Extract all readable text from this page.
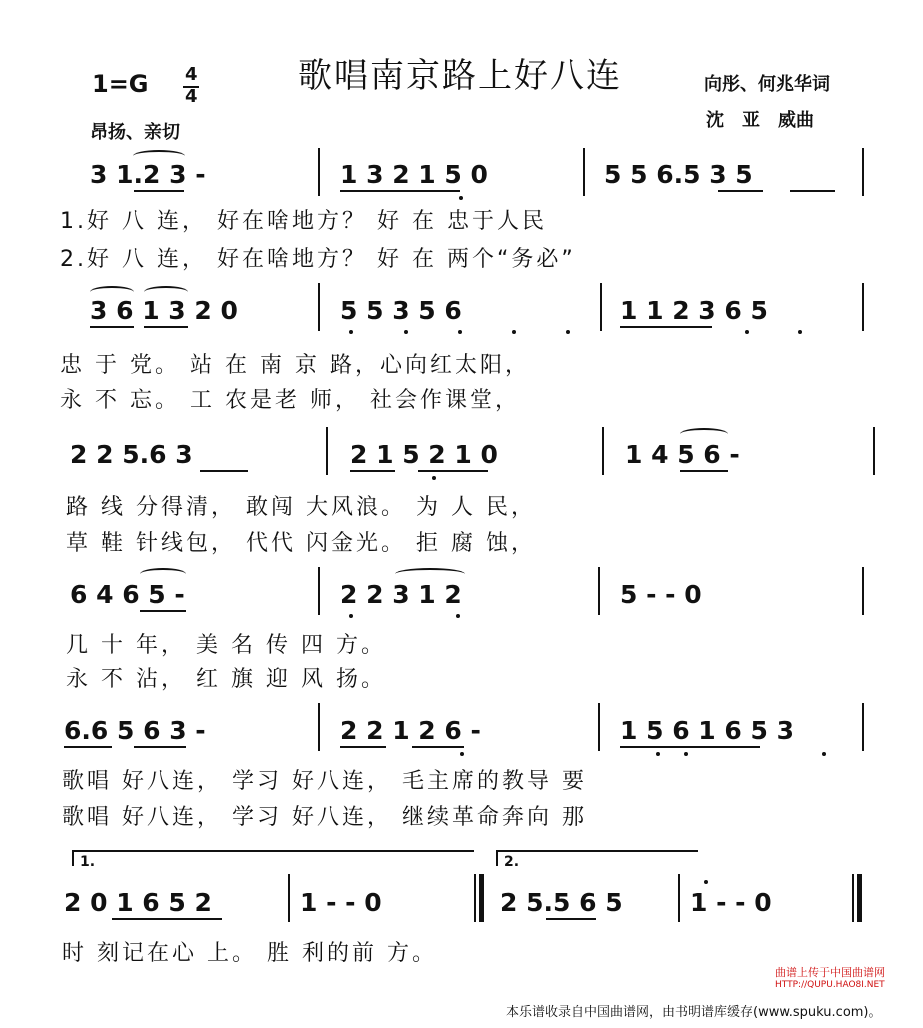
歌唱南京路上好八连
1=G 4
4
昂扬、亲切
向彤、何兆华词
沈　亚　威曲
3 1.2 3 -	1 3 2 1 5 0	5 5 6.5 3 5
1.好 八 连， 好在啥地方？ 好 在 忠于人民
2.好 八 连， 好在啥地方？ 好 在 两个“务必”
3 6 1 3 2 0	5 5 3 5 6	1 1 2 3 6 5
忠 于 党。 站 在 南 京 路，心向红太阳，
永 不 忘。 工 农是老 师， 社会作课堂，
2 2 5.6 3	2 1 5 2 1 0	1 4 5 6 -
路 线 分得清， 敢闯 大风浪。 为 人 民，
草 鞋 针线包， 代代 闪金光。 拒 腐 蚀，
6 4 6 5 -	2 2 3 1 2	5 - - 0
几 十 年， 美 名 传 四 方。
永 不 沾， 红 旗 迎 风 扬。
6.6 5 6 3 -	2 2 1 2 6 -	1 5 6 1 6 5 3
歌唱 好八连， 学习 好八连， 毛主席的教导 要
歌唱 好八连， 学习 好八连， 继续革命奔向 那
1.	2.
2 0 1 6 5 2	1 - - 0	2 5.5 6 5	1 - - 0
时 刻记在心 上。 胜 利的前 方。
曲谱上传于中国曲谱网
HTTP://QUPU.HAO8I.NET
本乐谱收录自中国曲谱网，由书明谱库缓存(www.spuku.com)。
